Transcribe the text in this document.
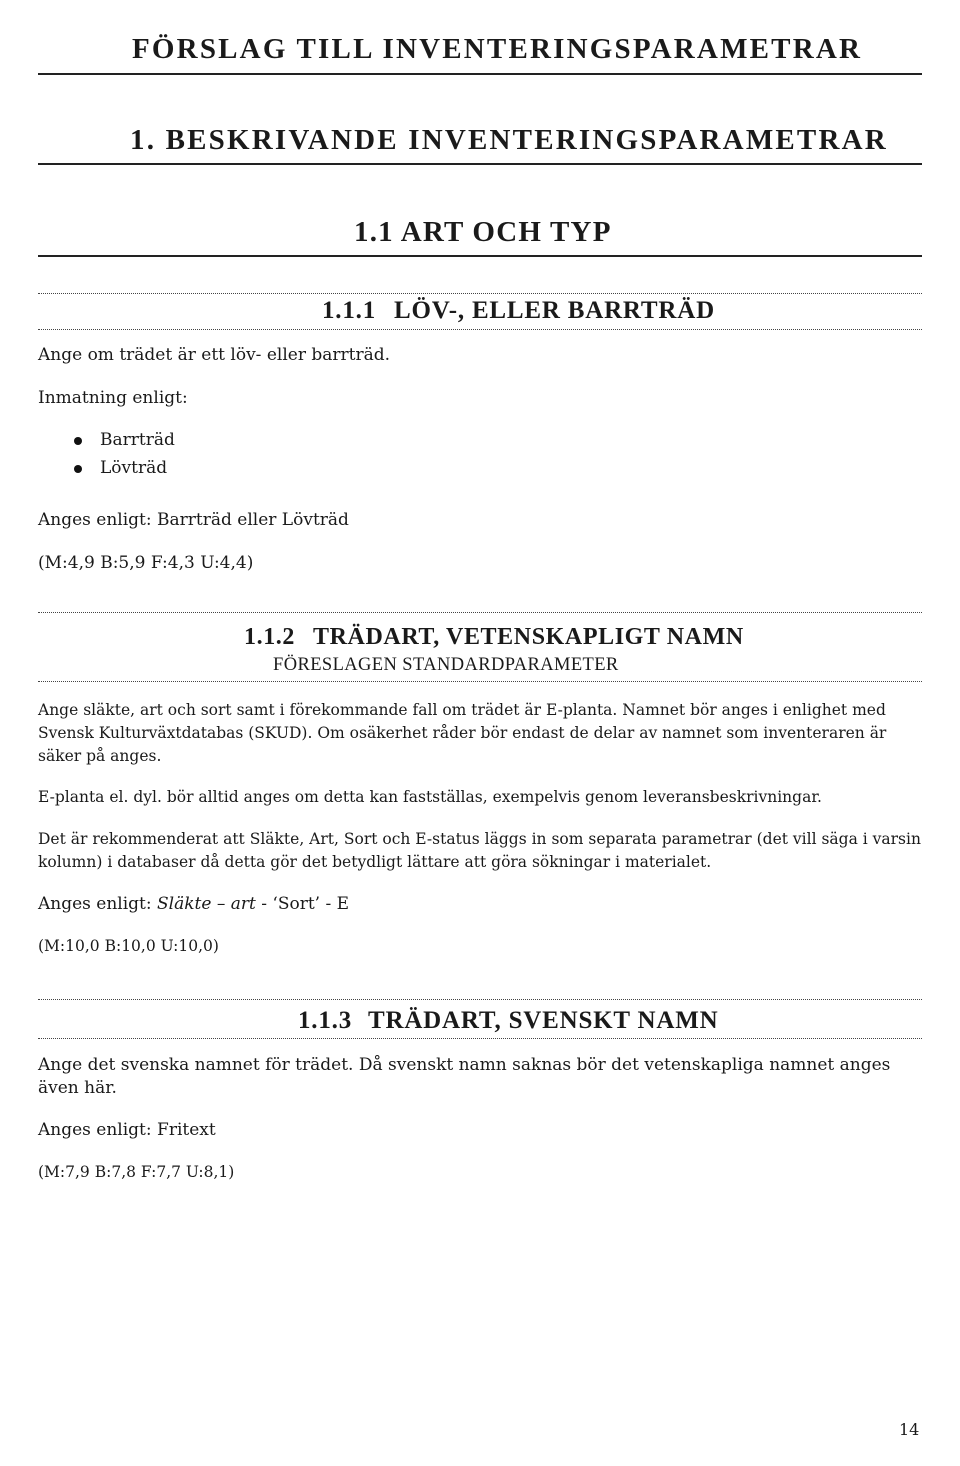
FÖRSLAG TILL INVENTERINGSPARAMETRAR
1. BESKRIVANDE INVENTERINGSPARAMETRAR
1.1 ART OCH TYP
1.1.1 LÖV-, ELLER BARRTRÄD

Ange om trädet är ett löv- eller barrträd.

Inmatning enligt:

Barrträd

Lövträd

Anges enligt: Barrträd eller Lövträd

(M:4,9 B:5,9 F:4,3 U:4,4)

1.1.2 TRÄDART, VETENSKAPLIGT NAMN

FÖRESLAGEN STANDARDPARAMETER

Ange släkte, art och sort samt i förekommande fall om trädet är E-planta. Namnet bör anges i enlighet med Svensk Kulturväxtdatabas (SKUD). Om osäkerhet råder bör endast de delar av namnet som inventeraren är säker på anges.

E-planta el. dyl. bör alltid anges om detta kan fastställas, exempelvis genom leveransbeskrivningar.

Det är rekommenderat att Släkte, Art, Sort och E-status läggs in som separata parametrar (det vill säga i varsin kolumn) i databaser då detta gör det betydligt lättare att göra sökningar i materialet.

Anges enligt: Släkte – art - ‘Sort’ - E

(M:10,0 B:10,0 U:10,0)

1.1.3 TRÄDART, SVENSKT NAMN

Ange det svenska namnet för trädet. Då svenskt namn saknas bör det vetenskapliga namnet anges även här.

Anges enligt: Fritext

(M:7,9 B:7,8 F:7,7 U:8,1)

14
